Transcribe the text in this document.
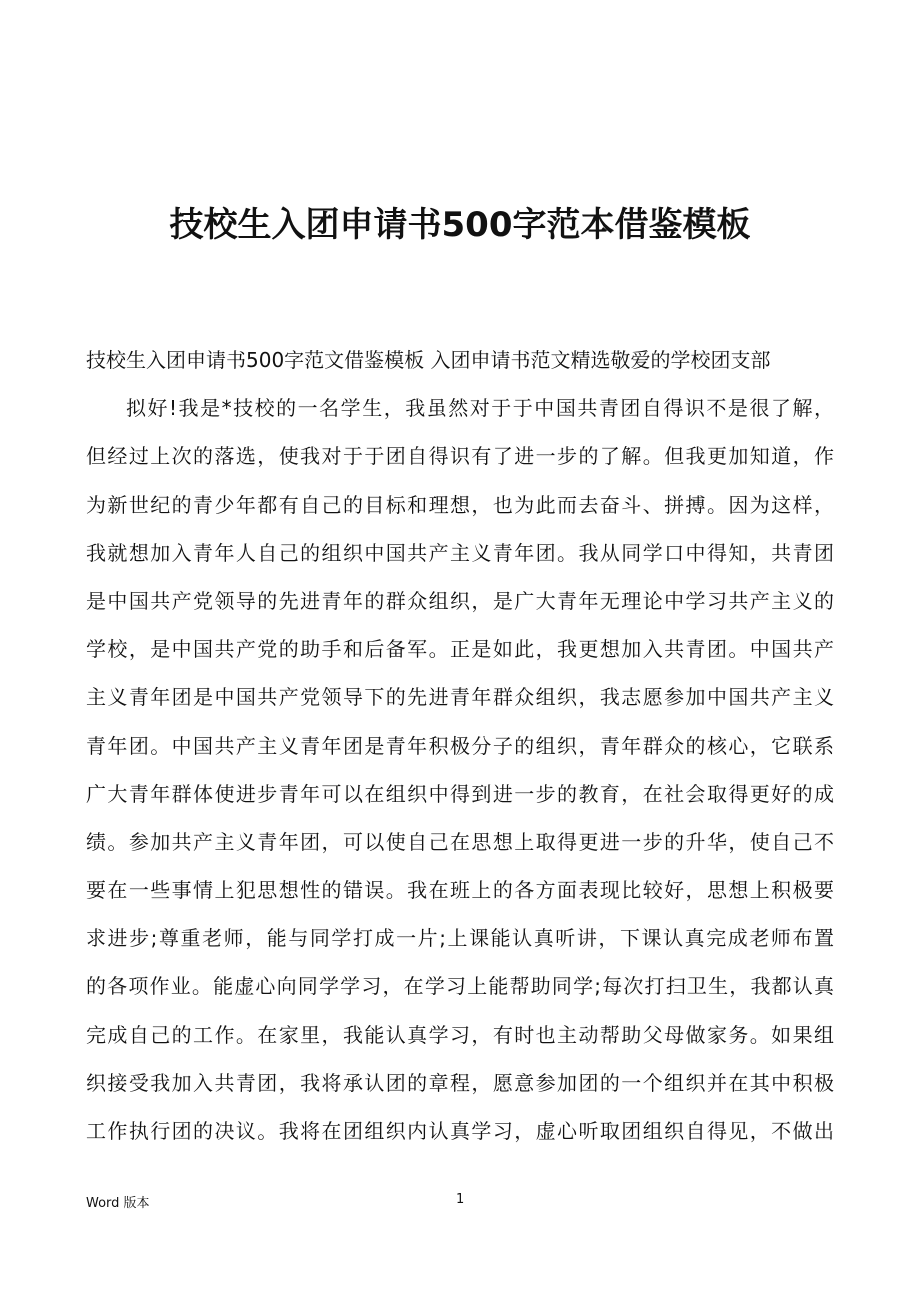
技校生入团申请书500字范本借鉴模板
技校生入团申请书500字范文借鉴模板 入团申请书范文精选敬爱的学校团支部
拟好!我是*技校的一名学生，我虽然对于于中国共青团自得识不是很了解，
但经过上次的落选，使我对于于团自得识有了进一步的了解。但我更加知道，作
为新世纪的青少年都有自己的目标和理想，也为此而去奋斗、拼搏。因为这样，
我就想加入青年人自己的组织中国共产主义青年团。我从同学口中得知，共青团
是中国共产党领导的先进青年的群众组织，是广大青年无理论中学习共产主义的
学校，是中国共产党的助手和后备军。正是如此，我更想加入共青团。中国共产
主义青年团是中国共产党领导下的先进青年群众组织，我志愿参加中国共产主义
青年团。中国共产主义青年团是青年积极分子的组织，青年群众的核心，它联系
广大青年群体使进步青年可以在组织中得到进一步的教育，在社会取得更好的成
绩。参加共产主义青年团，可以使自己在思想上取得更进一步的升华，使自己不
要在一些事情上犯思想性的错误。我在班上的各方面表现比较好，思想上积极要
求进步;尊重老师，能与同学打成一片;上课能认真听讲，下课认真完成老师布置
的各项作业。能虚心向同学学习，在学习上能帮助同学;每次打扫卫生，我都认真
完成自己的工作。在家里，我能认真学习，有时也主动帮助父母做家务。如果组
织接受我加入共青团，我将承认团的章程，愿意参加团的一个组织并在其中积极
工作执行团的决议。我将在团组织内认真学习，虚心听取团组织自得见，不做出
Word 版本	1
